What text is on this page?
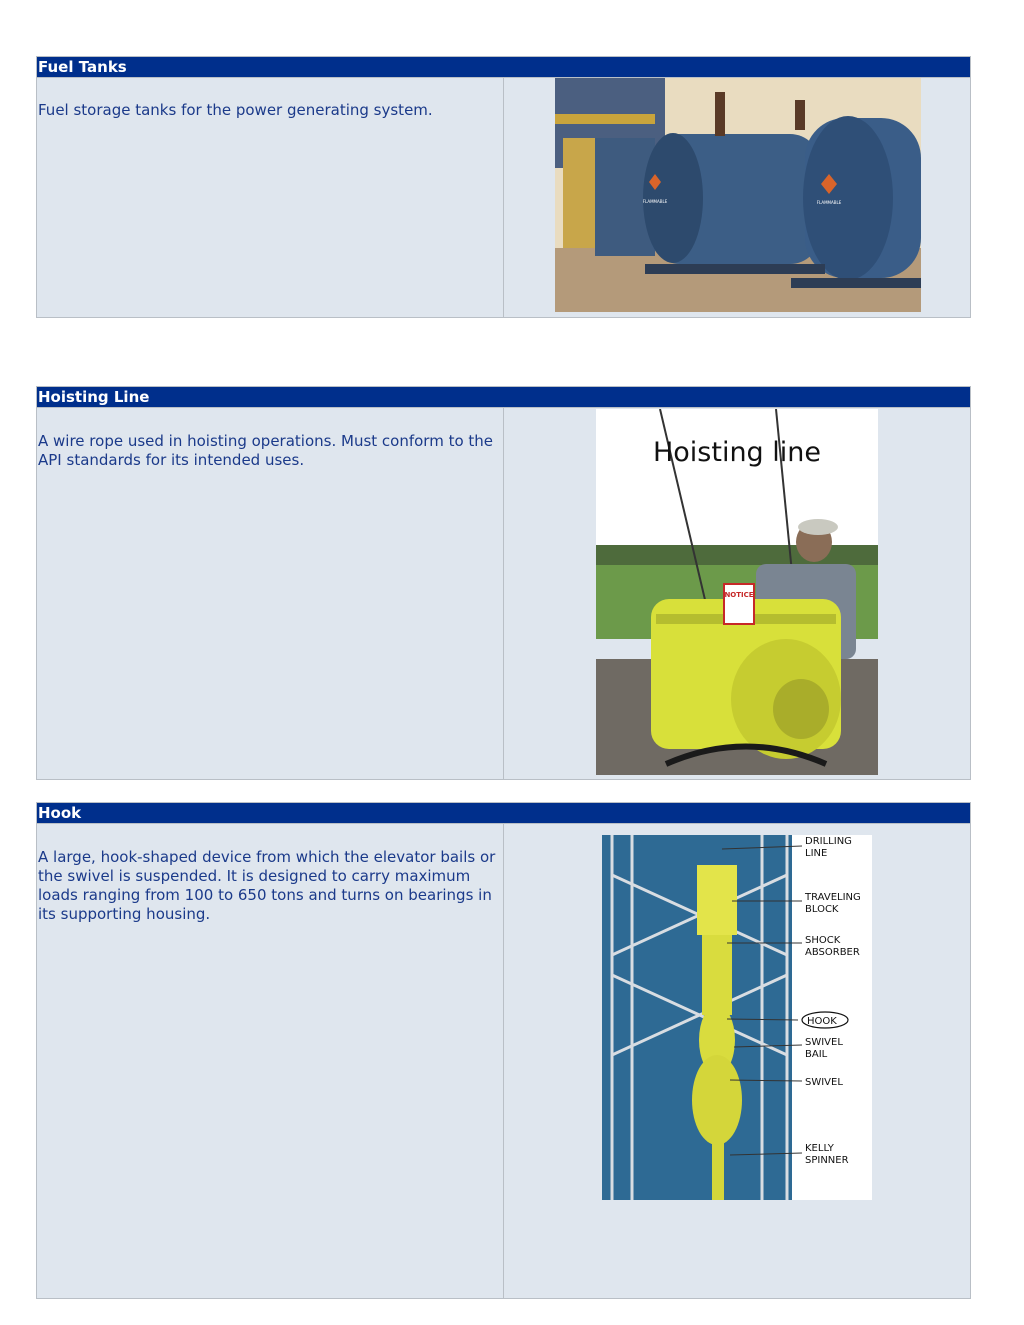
Fuel Tanks

Fuel storage tanks for the power generating system.

FLAMMABLE	FLAMMABLE
Hoisting Line

A wire rope used in hoisting operations. Must conform to the API standards for its intended uses.

NOTICE
Hoisting line
Hook

A large, hook-shaped device from which the elevator bails or the swivel is suspended. It is designed to carry maximum loads ranging from 100 to 650 tons and turns on bearings in its supporting housing.

DRILLING
LINE
TRAVELING
BLOCK
SHOCK
ABSORBER
HOOK
SWIVEL
BAIL
SWIVEL
KELLY
SPINNER
